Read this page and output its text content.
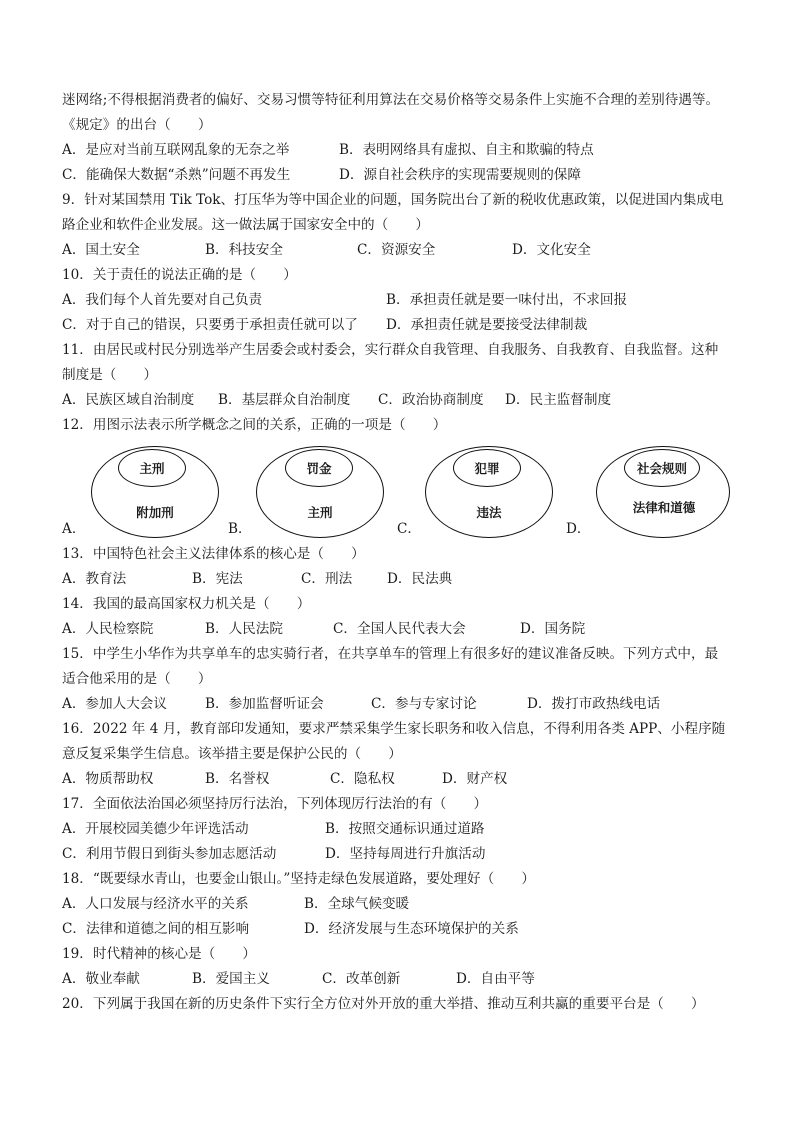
迷网络;不得根据消费者的偏好、交易习惯等特征利用算法在交易价格等交易条件上实施不合理的差别待遇等。
《规定》的出台（　　）
A．是应对当前互联网乱象的无奈之举	B．表明网络具有虚拟、自主和欺骗的特点
C．能确保大数据“杀熟”问题不再发生	D．源自社会秩序的实现需要规则的保障
9．针对某国禁用 Tik Tok、打压华为等中国企业的问题，国务院出台了新的税收优惠政策，以促进国内集成电
路企业和软件企业发展。这一做法属于国家安全中的（　　）
A．国土安全	B．科技安全	C．资源安全	D．文化安全
10．关于责任的说法正确的是（　　）
A．我们每个人首先要对自己负责	B．承担责任就是要一味付出，不求回报
C．对于自己的错误，只要勇于承担责任就可以了 D．承担责任就是要接受法律制裁
11．由居民或村民分别选举产生居委会或村委会，实行群众自我管理、自我服务、自我教育、自我监督。这种
制度是（　　）
A．民族区域自治制度 B．基层群众自治制度 C．政治协商制度 D．民主监督制度
12．用图示法表示所学概念之间的关系，正确的一项是（　　）
主刑
附加刑
A．
罚金
主刑
B．
犯罪
违法
C．
社会规则
法律和道德
D．
13．中国特色社会主义法律体系的核心是（　　）
A．教育法	B．宪法	C．刑法	D．民法典
14．我国的最高国家权力机关是（　　）
A．人民检察院	B．人民法院	C．全国人民代表大会	D．国务院
15．中学生小华作为共享单车的忠实骑行者，在共享单车的管理上有很多好的建议准备反映。下列方式中，最
适合他采用的是（　　）
A．参加人大会议	B．参加监督听证会	C．参与专家讨论	D．拨打市政热线电话
16．2022 年 4 月，教育部印发通知，要求严禁采集学生家长职务和收入信息，不得利用各类 APP、小程序随
意反复采集学生信息。该举措主要是保护公民的（　　）
A．物质帮助权	B．名誉权	C．隐私权	D．财产权
17．全面依法治国必须坚持厉行法治，下列体现厉行法治的有（　　）
A．开展校园美德少年评选活动	B．按照交通标识通过道路
C．利用节假日到街头参加志愿活动	D．坚持每周进行升旗活动
18．“既要绿水青山，也要金山银山。”坚持走绿色发展道路，要处理好（　　）
A．人口发展与经济水平的关系	B．全球气候变暖
C．法律和道德之间的相互影响	D．经济发展与生态环境保护的关系
19．时代精神的核心是（　　）
A．敬业奉献	B．爱国主义	C．改革创新	D．自由平等
20．下列属于我国在新的历史条件下实行全方位对外开放的重大举措、推动互利共赢的重要平台是（　　）
